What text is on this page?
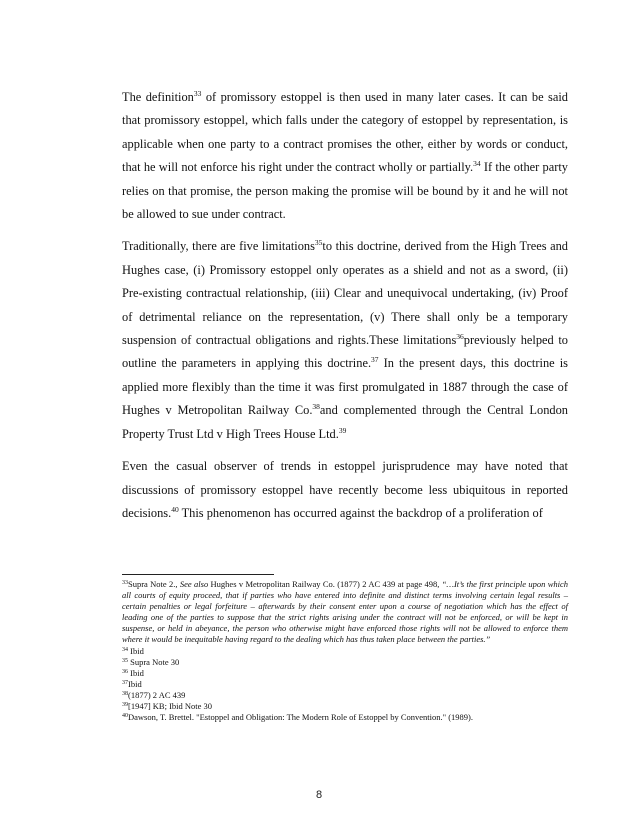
The definition$^{33}$ of promissory estoppel is then used in many later cases. It can be said that promissory estoppel, which falls under the category of estoppel by representation, is applicable when one party to a contract promises the other, either by words or conduct, that he will not enforce his right under the contract wholly or partially.$^{34}$ If the other party relies on that promise, the person making the promise will be bound by it and he will not be allowed to sue under contract.

Traditionally, there are five limitations$^{35}$to this doctrine, derived from the High Trees and Hughes case, (i) Promissory estoppel only operates as a shield and not as a sword, (ii) Pre-existing contractual relationship, (iii) Clear and unequivocal undertaking, (iv) Proof of detrimental reliance on the representation, (v) There shall only be a temporary suspension of contractual obligations and rights.These limitations$^{36}$previously helped to outline the parameters in applying this doctrine.$^{37}$ In the present days, this doctrine is applied more flexibly than the time it was first promulgated in 1887 through the case of Hughes v Metropolitan Railway Co.$^{38}$and complemented through the Central London Property Trust Ltd v High Trees House Ltd.$^{39}$

Even the casual observer of trends in estoppel jurisprudence may have noted that discussions of promissory estoppel have recently become less ubiquitous in reported decisions.$^{40}$ This phenomenon has occurred against the backdrop of a proliferation of

$^{33}$Supra Note 2., See also Hughes v Metropolitan Railway Co. (1877) 2 AC 439 at page 498, “…It’s the first principle upon which all courts of equity proceed, that if parties who have entered into definite and distinct terms involving certain legal results – certain penalties or legal forfeiture – afterwards by their consent enter upon a course of negotiation which has the effect of leading one of the parties to suppose that the strict rights arising under the contract will not be enforced, or will be kept in suspense, or held in abeyance, the person who otherwise might have enforced those rights will not be allowed to enforce them where it would be inequitable having regard to the dealing which has thus taken place between the parties.”

$^{34}$ Ibid

$^{35}$ Supra Note 30

$^{36}$ Ibid

$^{37}$Ibid

$^{38}$(1877) 2 AC 439

$^{39}$[1947] KB; Ibid Note 30

$^{40}$Dawson, T. Brettel. "Estoppel and Obligation: The Modern Role of Estoppel by Convention." (1989).

8
